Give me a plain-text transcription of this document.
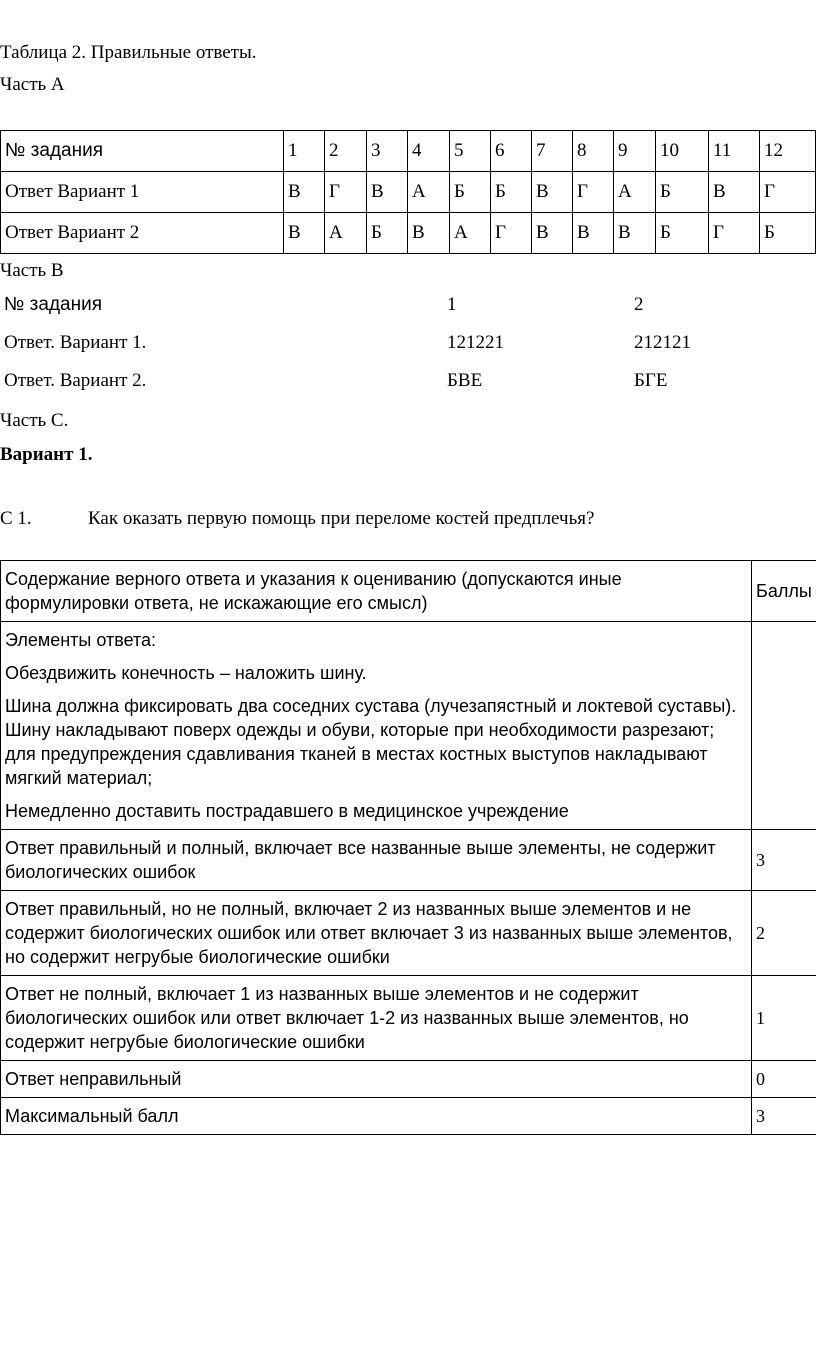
Таблица 2. Правильные ответы.
Часть А
№ задания	1	2	3	4	5	6	7	8	9	10	11	12
Ответ Вариант 1	В	Г	В	А	Б	Б	В	Г	А	Б	В	Г
Ответ Вариант 2	В	А	Б	В	А	Г	В	В	В	Б	Г	Б
Часть В
№ задания	1	2
Ответ. Вариант 1.	121221	212121
Ответ. Вариант 2.	БВЕ	БГЕ
Часть С.
Вариант 1.
С 1.	Как оказать первую помощь при переломе костей предплечья?
Содержание верного ответа и указания к оцениванию (допускаются иные формулировки ответа, не искажающие его смысл)	Баллы

Элементы ответа:

Обездвижить конечность – наложить шину.

Шина должна фиксировать два соседних сустава (лучезапястный и локтевой суставы). Шину накладывают поверх одежды и обуви, которые при необходимости разрезают; для предупреждения сдавливания тканей в местах костных выступов накладывают мягкий материал;

Немедленно доставить пострадавшего в медицинское учреждение	

Ответ правильный и полный, включает все названные выше элементы, не содержит биологических ошибок	3
Ответ правильный, но не полный, включает 2 из названных выше элементов и не содержит биологических ошибок или ответ включает 3 из названных выше элементов, но содержит негрубые биологические ошибки	2
Ответ не полный, включает 1 из названных выше элементов и не содержит биологических ошибок или ответ включает 1-2 из названных выше элементов, но содержит негрубые биологические ошибки	1
Ответ неправильный	0
Максимальный балл	3
